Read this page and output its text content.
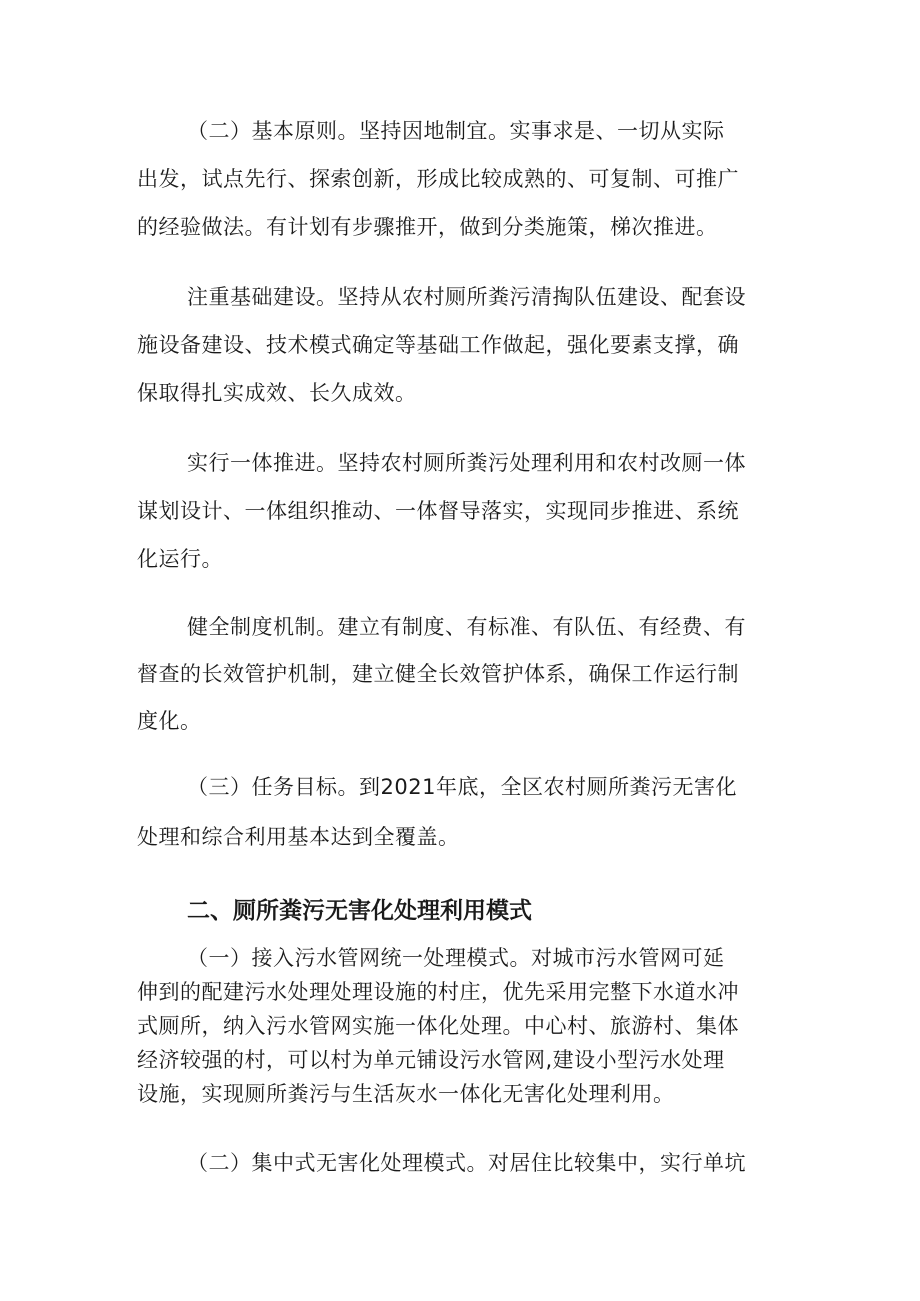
（二）基本原则。坚持因地制宜。实事求是、一切从实际
出发，试点先行、探索创新，形成比较成熟的、可复制、可推广
的经验做法。有计划有步骤推开，做到分类施策，梯次推进。
注重基础建设。坚持从农村厕所粪污清掏队伍建设、配套设
施设备建设、技术模式确定等基础工作做起，强化要素支撑，确
保取得扎实成效、长久成效。
实行一体推进。坚持农村厕所粪污处理利用和农村改厕一体
谋划设计、一体组织推动、一体督导落实，实现同步推进、系统
化运行。
健全制度机制。建立有制度、有标准、有队伍、有经费、有
督查的长效管护机制，建立健全长效管护体系，确保工作运行制
度化。
（三）任务目标。到2021年底，全区农村厕所粪污无害化
处理和综合利用基本达到全覆盖。
二、厕所粪污无害化处理利用模式
（一）接入污水管网统一处理模式。对城市污水管网可延
伸到的配建污水处理处理设施的村庄，优先采用完整下水道水冲
式厕所，纳入污水管网实施一体化处理。中心村、旅游村、集体
经济较强的村，可以村为单元铺设污水管网,建设小型污水处理
设施，实现厕所粪污与生活灰水一体化无害化处理利用。
（二）集中式无害化处理模式。对居住比较集中，实行单坑
